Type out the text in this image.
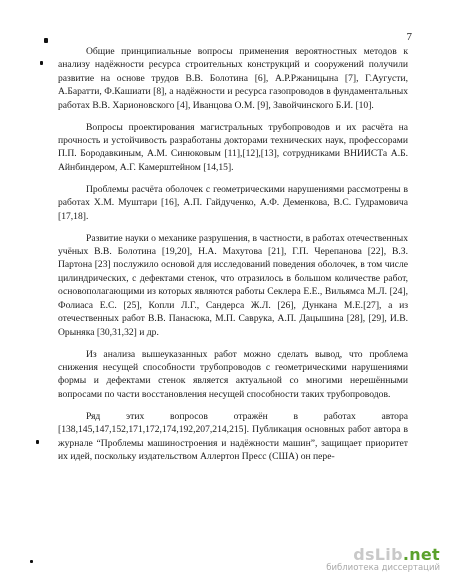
7

Общие принципиальные вопросы применения вероятностных методов к анализу надёжности ресурса строительных конструкций и сооружений получили развитие на основе трудов В.В. Болотина [6], А.Р.Ржаницына [7], Г.Аугусти, А.Баратти, Ф.Кашиати [8], а надёжности и ресурса газопроводов в фундаментальных работах В.В. Харионовского [4], Иванцова О.М. [9], Завойчинского Б.И. [10].

Вопросы проектирования магистральных трубопроводов и их расчёта на прочность и устойчивость разработаны докторами технических наук, профессорами П.П. Бородавкиным, А.М. Синюковым [11],[12],[13], сотрудниками ВНИИСТа А.Б. Айнбиндером, А.Г. Камерштейном [14,15].

Проблемы расчёта оболочек с геометрическими нарушениями рассмотрены в работах Х.М. Муштари [16], А.П. Гайдученко, А.Ф. Деменкова, В.С. Гудрамовича [17,18].

Развитие науки о механике разрушения, в частности, в работах отечественных учёных В.В. Болотина [19,20], Н.А. Махутова [21], Г.П. Черепанова [22], В.З. Партона [23] послужило основой для исследований поведения оболочек, в том числе цилиндрических, с дефектами стенок, что отразилось в большом количестве работ, основополагающими из которых являются работы Секлера Е.Е., Вильямса М.Л. [24], Фолиаса Е.С. [25], Копли Л.Г., Сандерса Ж.Л. [26], Дункана М.Е.[27], а из отечественных работ В.В. Панасюка, М.П. Саврука, А.П. Дацышина [28], [29], И.В. Орыняка [30,31,32] и др.

Из анализа вышеуказанных работ можно сделать вывод, что проблема снижения несущей способности трубопроводов с геометрическими нарушениями формы и дефектами стенок является актуальной со многими нерешёнными вопросами по части восстановления несущей способности таких трубопроводов.

Ряд этих вопросов отражён в работах автора [138,145,147,152,171,172,174,192,207,214,215]. Публикация основных работ автора в журнале “Проблемы машиностроения и надёжности машин”, защищает приоритет их идей, поскольку издательством Аллертон Пресс (США) он пере-

dsLib.net
библиотека диссертаций
